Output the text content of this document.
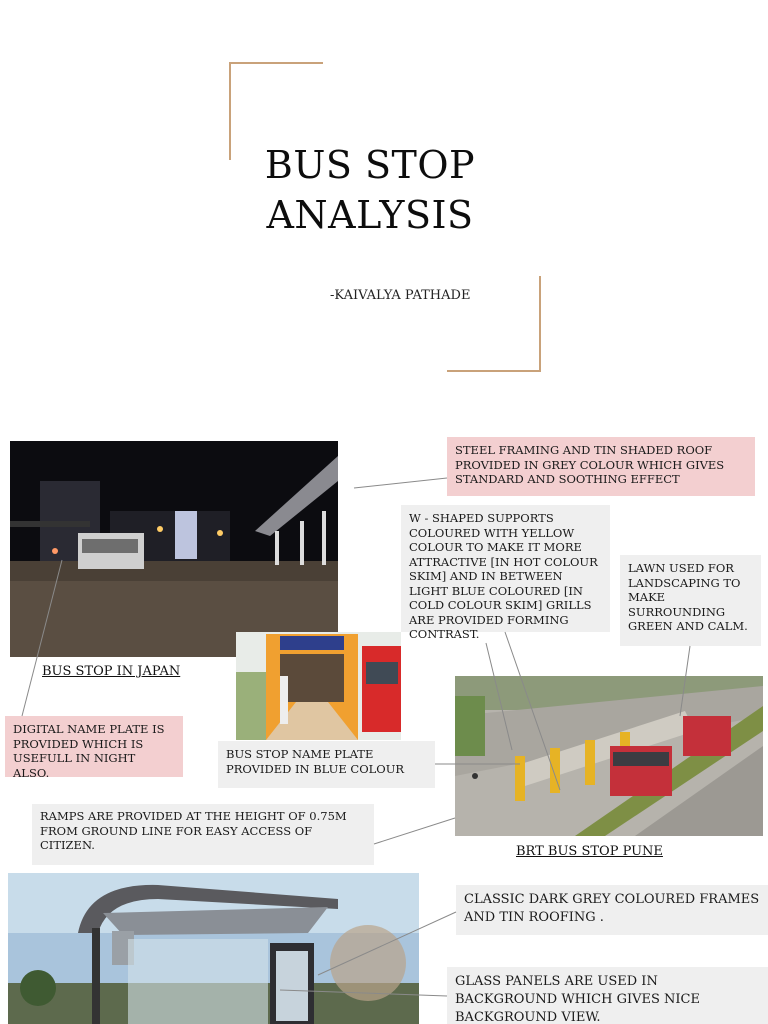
BUS STOP
ANALYSIS
-KAIVALYA PATHADE
BUS STOP IN JAPAN
BRT BUS STOP PUNE
STEEL FRAMING AND TIN SHADED ROOF PROVIDED IN GREY COLOUR WHICH GIVES STANDARD AND SOOTHING EFFECT
W - SHAPED SUPPORTS COLOURED WITH YELLOW COLOUR TO MAKE IT MORE ATTRACTIVE [IN HOT COLOUR SKIM] AND IN BETWEEN LIGHT BLUE COLOURED [IN COLD COLOUR SKIM] GRILLS ARE PROVIDED FORMING CONTRAST.
LAWN USED FOR LANDSCAPING TO MAKE SURROUNDING GREEN AND CALM.
DIGITAL NAME PLATE IS PROVIDED WHICH IS USEFULL IN NIGHT ALSO.
BUS STOP NAME PLATE PROVIDED IN BLUE COLOUR
RAMPS ARE PROVIDED AT THE HEIGHT OF 0.75M FROM GROUND LINE FOR EASY ACCESS OF CITIZEN.
CLASSIC DARK GREY COLOURED FRAMES AND TIN ROOFING .
GLASS PANELS ARE USED IN BACKGROUND WHICH GIVES NICE BACKGROUND VIEW.
